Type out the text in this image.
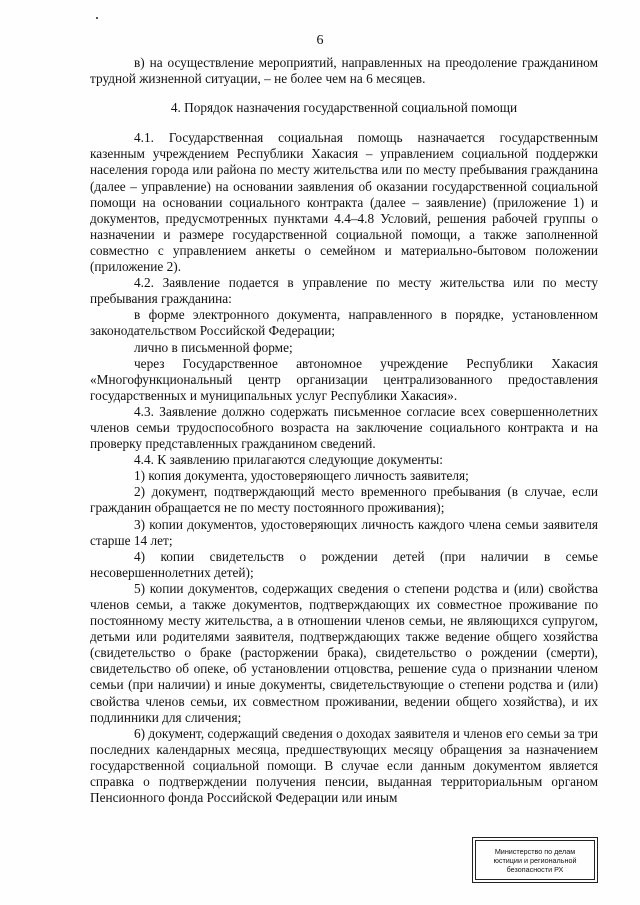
6

в) на осуществление мероприятий, направленных на преодоление гражданином трудной жизненной ситуации, – не более чем на 6 месяцев.

4. Порядок назначения государственной социальной помощи

4.1. Государственная социальная помощь назначается государственным казенным учреждением Республики Хакасия – управлением социальной поддержки населения города или района по месту жительства или по месту пребывания гражданина (далее – управление) на основании заявления об оказании государственной социальной помощи на основании социального контракта (далее – заявление) (приложение 1) и документов, предусмотренных пунктами 4.4–4.8 Условий, решения рабочей группы о назначении и размере государственной социальной помощи, а также заполненной совместно с управлением анкеты о семейном и материально-бытовом положении (приложение 2).

4.2. Заявление подается в управление по месту жительства или по месту пребывания гражданина:

в форме электронного документа, направленного в порядке, установленном законодательством Российской Федерации;

лично в письменной форме;

через Государственное автономное учреждение Республики Хакасия «Многофункциональный центр организации централизованного предоставления государственных и муниципальных услуг Республики Хакасия».

4.3. Заявление должно содержать письменное согласие всех совершеннолетних членов семьи трудоспособного возраста на заключение социального контракта и на проверку представленных гражданином сведений.

4.4. К заявлению прилагаются следующие документы:

1) копия документа, удостоверяющего личность заявителя;

2) документ, подтверждающий место временного пребывания (в случае, если гражданин обращается не по месту постоянного проживания);

3) копии документов, удостоверяющих личность каждого члена семьи заявителя старше 14 лет;

4) копии свидетельств о рождении детей (при наличии в семье несовершеннолетних детей);

5) копии документов, содержащих сведения о степени родства и (или) свойства членов семьи, а также документов, подтверждающих их совместное проживание по постоянному месту жительства, а в отношении членов семьи, не являющихся супругом, детьми или родителями заявителя, подтверждающих также ведение общего хозяйства (свидетельство о браке (расторжении брака), свидетельство о рождении (смерти), свидетельство об опеке, об установлении отцовства, решение суда о признании членом семьи (при наличии) и иные документы, свидетельствующие о степени родства и (или) свойства членов семьи, их совместном проживании, ведении общего хозяйства), и их подлинники для сличения;

6) документ, содержащий сведения о доходах заявителя и членов его семьи за три последних календарных месяца, предшествующих месяцу обращения за назначением государственной социальной помощи. В случае если данным документом является справка о подтверждении получения пенсии, выданная территориальным органом Пенсионного фонда Российской Федерации или иным

Министерство по делам
юстиции и региональной
безопасности РХ
